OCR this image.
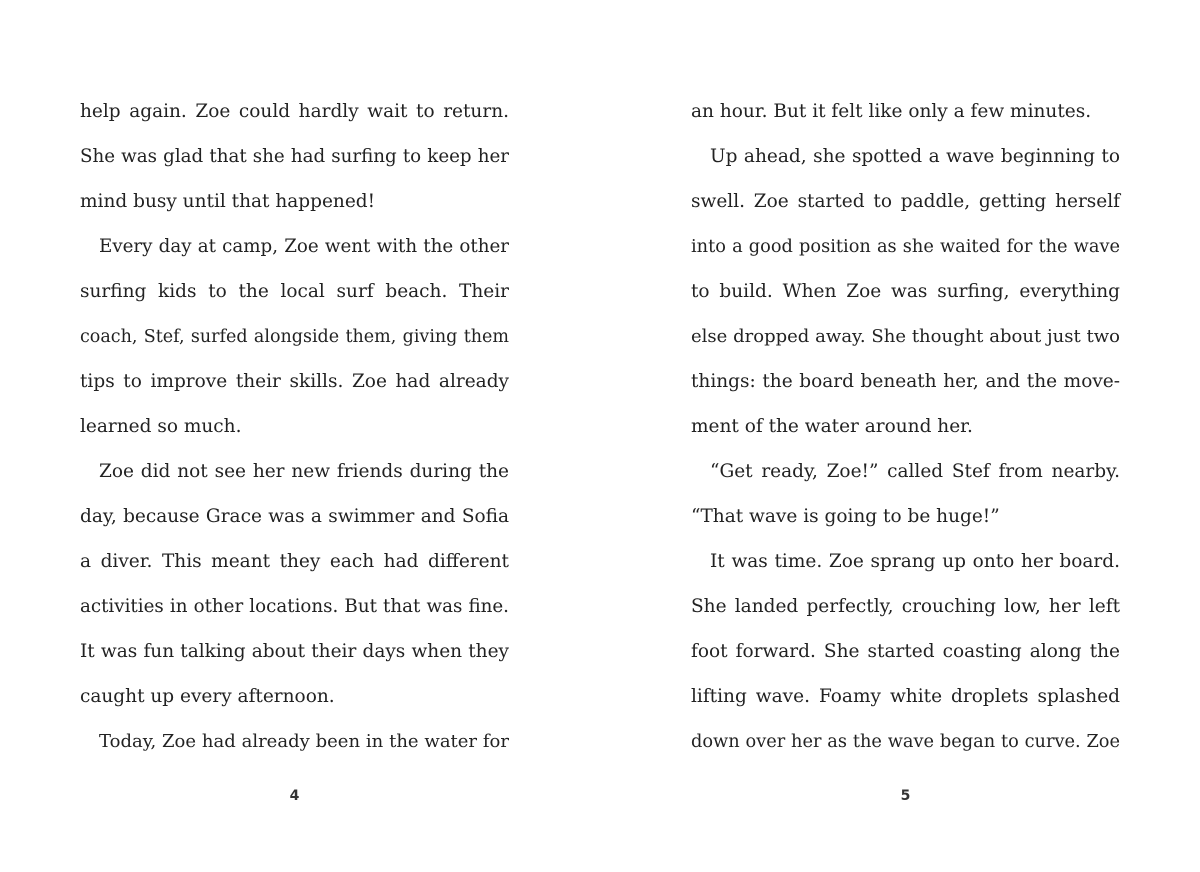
help again. Zoe could hardly wait to return.
She was glad that she had surfing to keep her
mind busy until that happened!
Every day at camp, Zoe went with the other
surfing kids to the local surf beach. Their
coach, Stef, surfed alongside them, giving them
tips to improve their skills. Zoe had already
learned so much.
Zoe did not see her new friends during the
day, because Grace was a swimmer and Sofia
a diver. This meant they each had different
activities in other locations. But that was fine.
It was fun talking about their days when they
caught up every afternoon.
Today, Zoe had already been in the water for
4
an hour. But it felt like only a few minutes.
Up ahead, she spotted a wave beginning to
swell. Zoe started to paddle, getting herself
into a good position as she waited for the wave
to build. When Zoe was surfing, everything
else dropped away. She thought about just two
things: the board beneath her, and the move-
ment of the water around her.
“Get ready, Zoe!” called Stef from nearby.
“That wave is going to be huge!”
It was time. Zoe sprang up onto her board.
She landed perfectly, crouching low, her left
foot forward. She started coasting along the
lifting wave. Foamy white droplets splashed
down over her as the wave began to curve. Zoe
5
